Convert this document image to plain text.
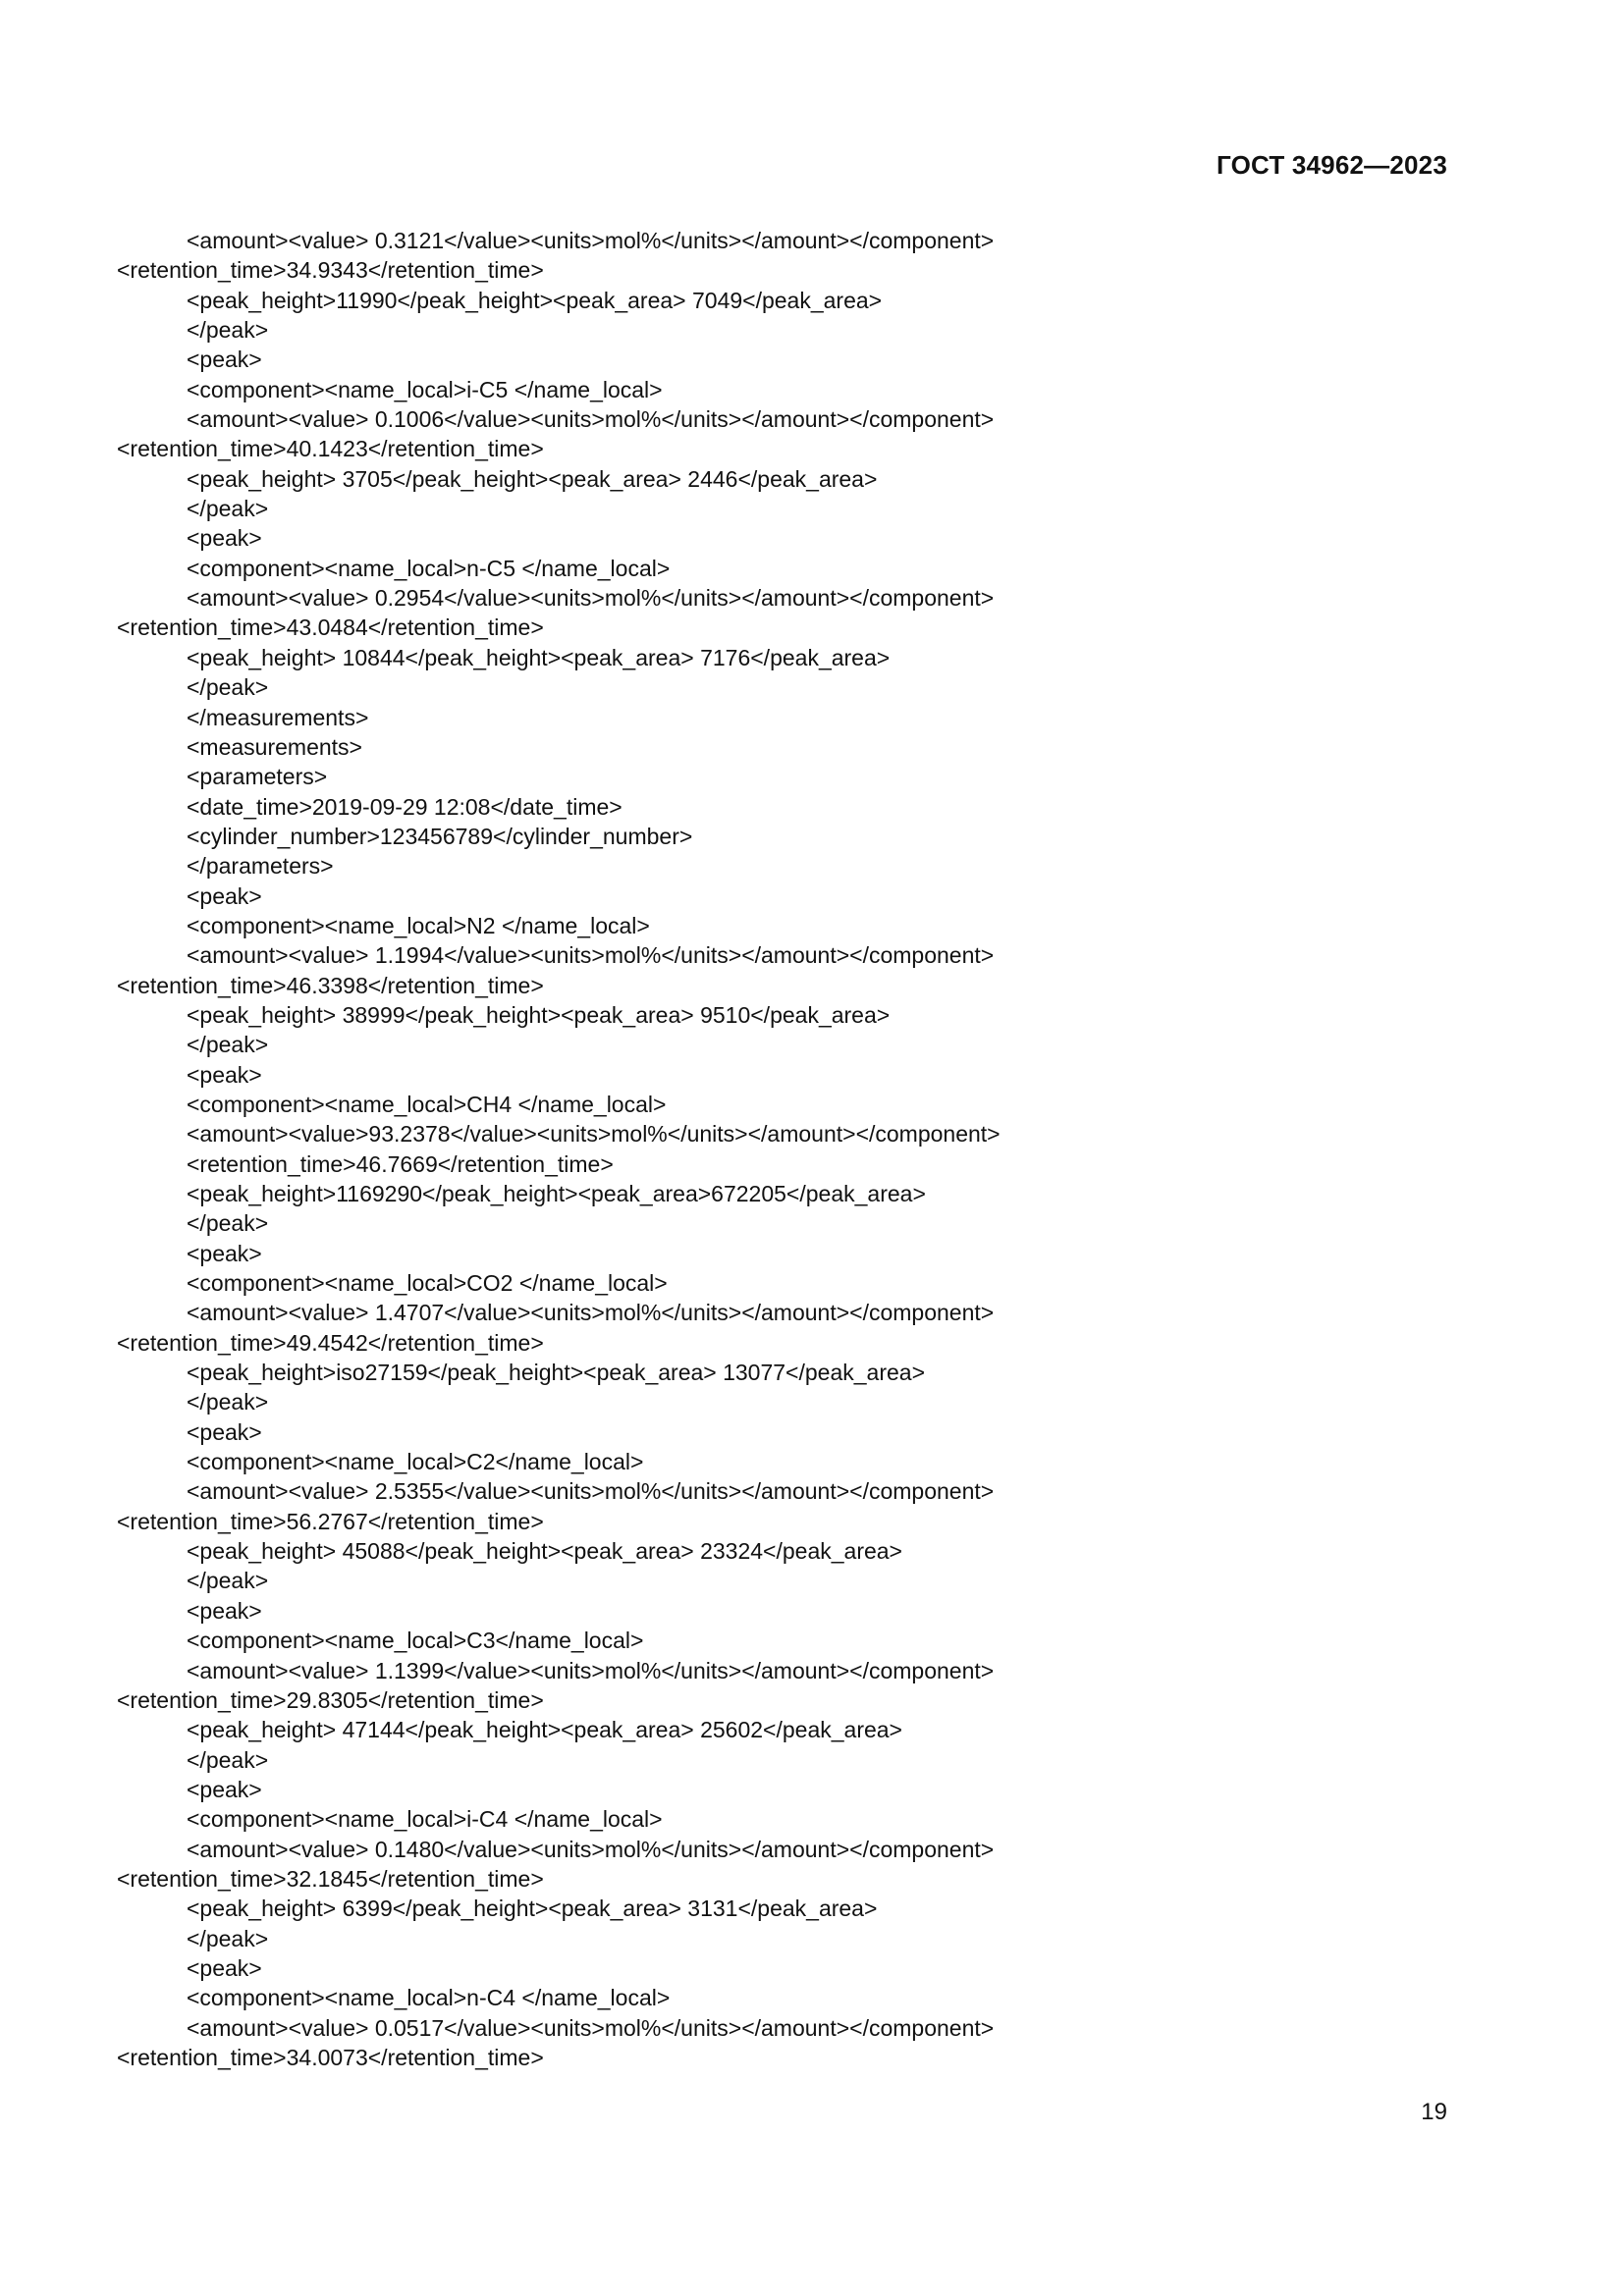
ГОСТ 34962—2023
<amount><value> 0.3121</value><units>mol%</units></amount></component>
<retention_time>34.9343</retention_time>
<peak_height>11990</peak_height><peak_area> 7049</peak_area>
</peak>
<peak>
<component><name_local>i-C5 </name_local>
<amount><value> 0.1006</value><units>mol%</units></amount></component>
<retention_time>40.1423</retention_time>
<peak_height> 3705</peak_height><peak_area> 2446</peak_area>
</peak>
<peak>
<component><name_local>n-C5 </name_local>
<amount><value> 0.2954</value><units>mol%</units></amount></component>
<retention_time>43.0484</retention_time>
<peak_height> 10844</peak_height><peak_area> 7176</peak_area>
</peak>
</measurements>
<measurements>
<parameters>
<date_time>2019-09-29 12:08</date_time>
<cylinder_number>123456789</cylinder_number>
</parameters>
<peak>
<component><name_local>N2 </name_local>
<amount><value> 1.1994</value><units>mol%</units></amount></component>
<retention_time>46.3398</retention_time>
<peak_height> 38999</peak_height><peak_area> 9510</peak_area>
</peak>
<peak>
<component><name_local>CH4 </name_local>
<amount><value>93.2378</value><units>mol%</units></amount></component>
<retention_time>46.7669</retention_time>
<peak_height>1169290</peak_height><peak_area>672205</peak_area>
</peak>
<peak>
<component><name_local>CO2 </name_local>
<amount><value> 1.4707</value><units>mol%</units></amount></component>
<retention_time>49.4542</retention_time>
<peak_height>iso27159</peak_height><peak_area> 13077</peak_area>
</peak>
<peak>
<component><name_local>C2</name_local>
<amount><value> 2.5355</value><units>mol%</units></amount></component>
<retention_time>56.2767</retention_time>
<peak_height> 45088</peak_height><peak_area> 23324</peak_area>
</peak>
<peak>
<component><name_local>C3</name_local>
<amount><value> 1.1399</value><units>mol%</units></amount></component>
<retention_time>29.8305</retention_time>
<peak_height> 47144</peak_height><peak_area> 25602</peak_area>
</peak>
<peak>
<component><name_local>i-C4 </name_local>
<amount><value> 0.1480</value><units>mol%</units></amount></component>
<retention_time>32.1845</retention_time>
<peak_height> 6399</peak_height><peak_area> 3131</peak_area>
</peak>
<peak>
<component><name_local>n-C4 </name_local>
<amount><value> 0.0517</value><units>mol%</units></amount></component>
<retention_time>34.0073</retention_time>
19
